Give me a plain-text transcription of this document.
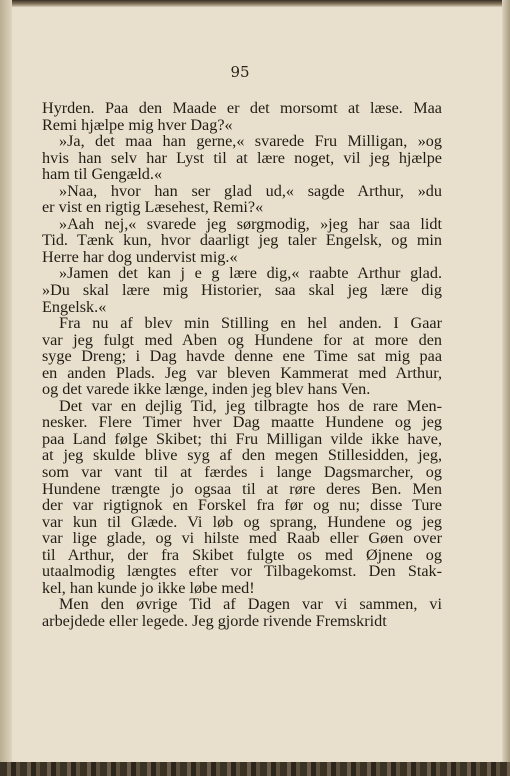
95
Hyrden. Paa den Maade er det morsomt at læse. Maa
Remi hjælpe mig hver Dag?«
»Ja, det maa han gerne,« svarede Fru Milligan, »og
hvis han selv har Lyst til at lære noget, vil jeg hjælpe
ham til Gengæld.«
»Naa, hvor han ser glad ud,« sagde Arthur, »du
er vist en rigtig Læsehest, Remi?«
»Aah nej,« svarede jeg sørgmodig, »jeg har saa lidt
Tid. Tænk kun, hvor daarligt jeg taler Engelsk, og min
Herre har dog undervist mig.«
»Jamen det kan j e g lære dig,« raabte Arthur glad.
»Du skal lære mig Historier, saa skal jeg lære dig
Engelsk.«
Fra nu af blev min Stilling en hel anden. I Gaar
var jeg fulgt med Aben og Hundene for at more den
syge Dreng; i Dag havde denne ene Time sat mig paa
en anden Plads. Jeg var bleven Kammerat med Arthur,
og det varede ikke længe, inden jeg blev hans Ven.
Det var en dejlig Tid, jeg tilbragte hos de rare Men-
nesker. Flere Timer hver Dag maatte Hundene og jeg
paa Land følge Skibet; thi Fru Milligan vilde ikke have,
at jeg skulde blive syg af den megen Stillesidden, jeg,
som var vant til at færdes i lange Dagsmarcher, og
Hundene trængte jo ogsaa til at røre deres Ben. Men
der var rigtignok en Forskel fra før og nu; disse Ture
var kun til Glæde. Vi løb og sprang, Hundene og jeg
var lige glade, og vi hilste med Raab eller Gøen over
til Arthur, der fra Skibet fulgte os med Øjnene og
utaalmodig længtes efter vor Tilbagekomst. Den Stak-
kel, han kunde jo ikke løbe med!
Men den øvrige Tid af Dagen var vi sammen, vi
arbejdede eller legede. Jeg gjorde rivende Fremskridt
